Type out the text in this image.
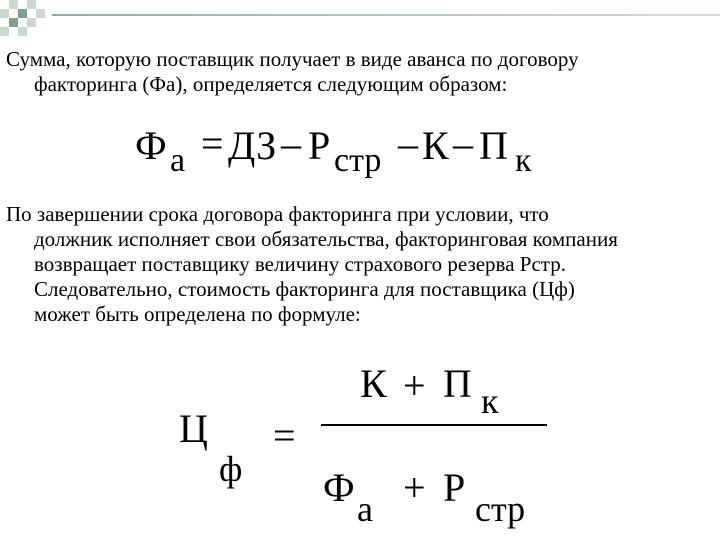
Сумма, которую поставщик получает в виде аванса по договору
факторинга (Фа), определяется следующим образом:

Ф а = ДЗ – Р стр – К – П к

По завершении срока договора факторинга при условии, что
должник исполняет свои обязательства, факторинговая компания
возвращает поставщику величину страхового резерва Рстр.
Следовательно, стоимость факторинга для поставщика (Цф)
может быть определена по формуле:

Ц
ф
=
К + П к
Ф а + Р стр
